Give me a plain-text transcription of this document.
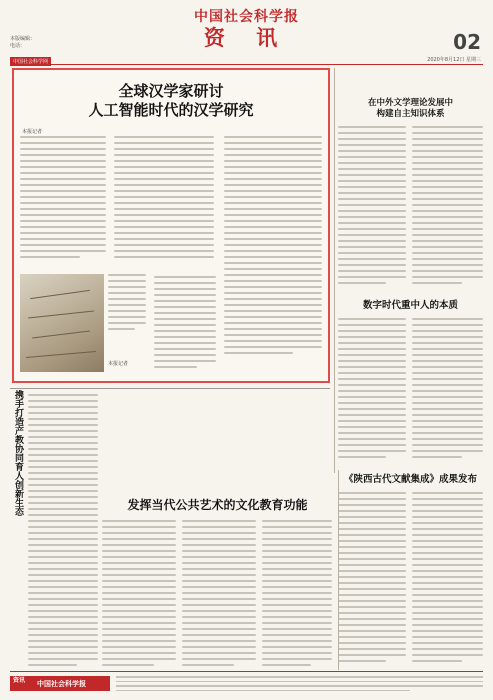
中国社会科学报
资 讯
本版编辑：
电话：
中国社会科学网
02
2020年8月12日 星期三
全球汉学家研讨
人工智能时代的汉学研究
本报记者
本报记者
在中外文学理论发展中
构建自主知识体系
数字时代重中人的本质
《陕西古代文献集成》成果发布
携手打造产教协同育人创新生态	发挥当代公共艺术的文化教育功能
资讯 中国社会科学报
